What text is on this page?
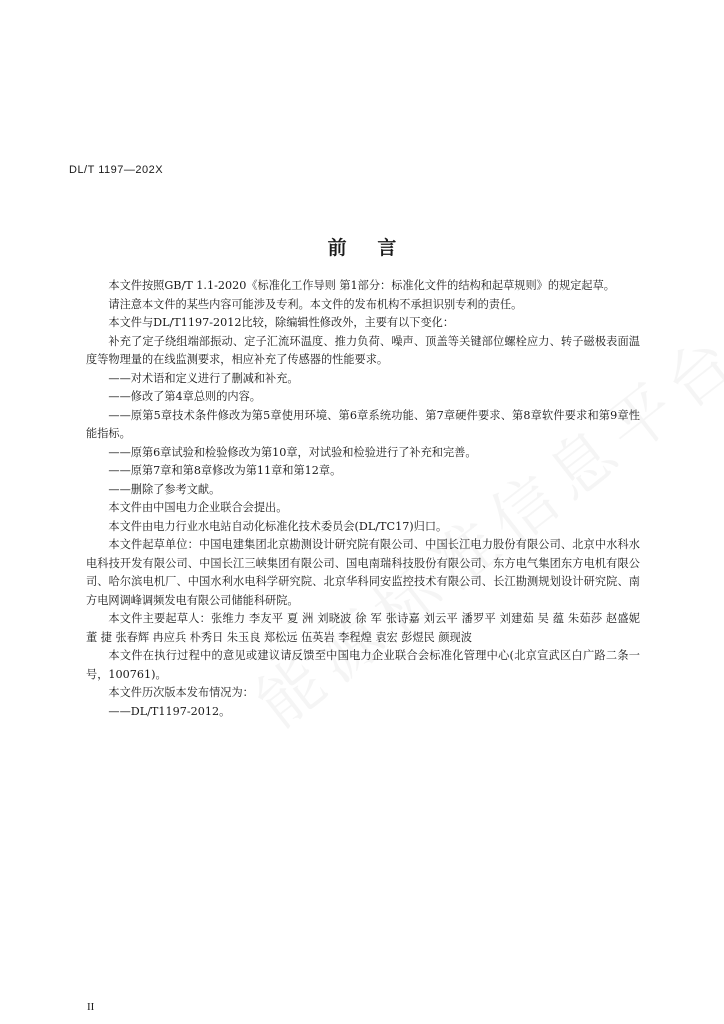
DL/T 1197—202X
前 言

本文件按照GB/T 1.1-2020《标准化工作导则 第1部分：标准化文件的结构和起草规则》的规定起草。

请注意本文件的某些内容可能涉及专利。本文件的发布机构不承担识别专利的责任。

本文件与DL/T1197-2012比较，除编辑性修改外，主要有以下变化：

补充了定子绕组端部振动、定子汇流环温度、推力负荷、噪声、顶盖等关键部位螺栓应力、转子磁极表面温度等物理量的在线监测要求，相应补充了传感器的性能要求。

——对术语和定义进行了删减和补充。

——修改了第4章总则的内容。

——原第5章技术条件修改为第5章使用环境、第6章系统功能、第7章硬件要求、第8章软件要求和第9章性能指标。

——原第6章试验和检验修改为第10章，对试验和检验进行了补充和完善。

——原第7章和第8章修改为第11章和第12章。

——删除了参考文献。

本文件由中国电力企业联合会提出。

本文件由电力行业水电站自动化标准化技术委员会(DL/TC17)归口。

本文件起草单位：中国电建集团北京勘测设计研究院有限公司、中国长江电力股份有限公司、北京中水科水电科技开发有限公司、中国长江三峡集团有限公司、国电南瑞科技股份有限公司、东方电气集团东方电机有限公司、哈尔滨电机厂、中国水利水电科学研究院、北京华科同安监控技术有限公司、长江勘测规划设计研究院、南方电网调峰调频发电有限公司储能科研院。

本文件主要起草人：张维力 李友平 夏 洲 刘晓波 徐 军 张诗嘉 刘云平 潘罗平 刘建茹 吴 蕴 朱茹莎 赵盛妮 董 捷 张春辉 冉应兵 朴秀日 朱玉良 郑松远 伍英岩 李程煌 袁宏 彭煜民 颜现波

本文件在执行过程中的意见或建议请反馈至中国电力企业联合会标准化管理中心(北京宣武区白广路二条一号，100761)。

本文件历次版本发布情况为：

——DL/T1197-2012。

II
